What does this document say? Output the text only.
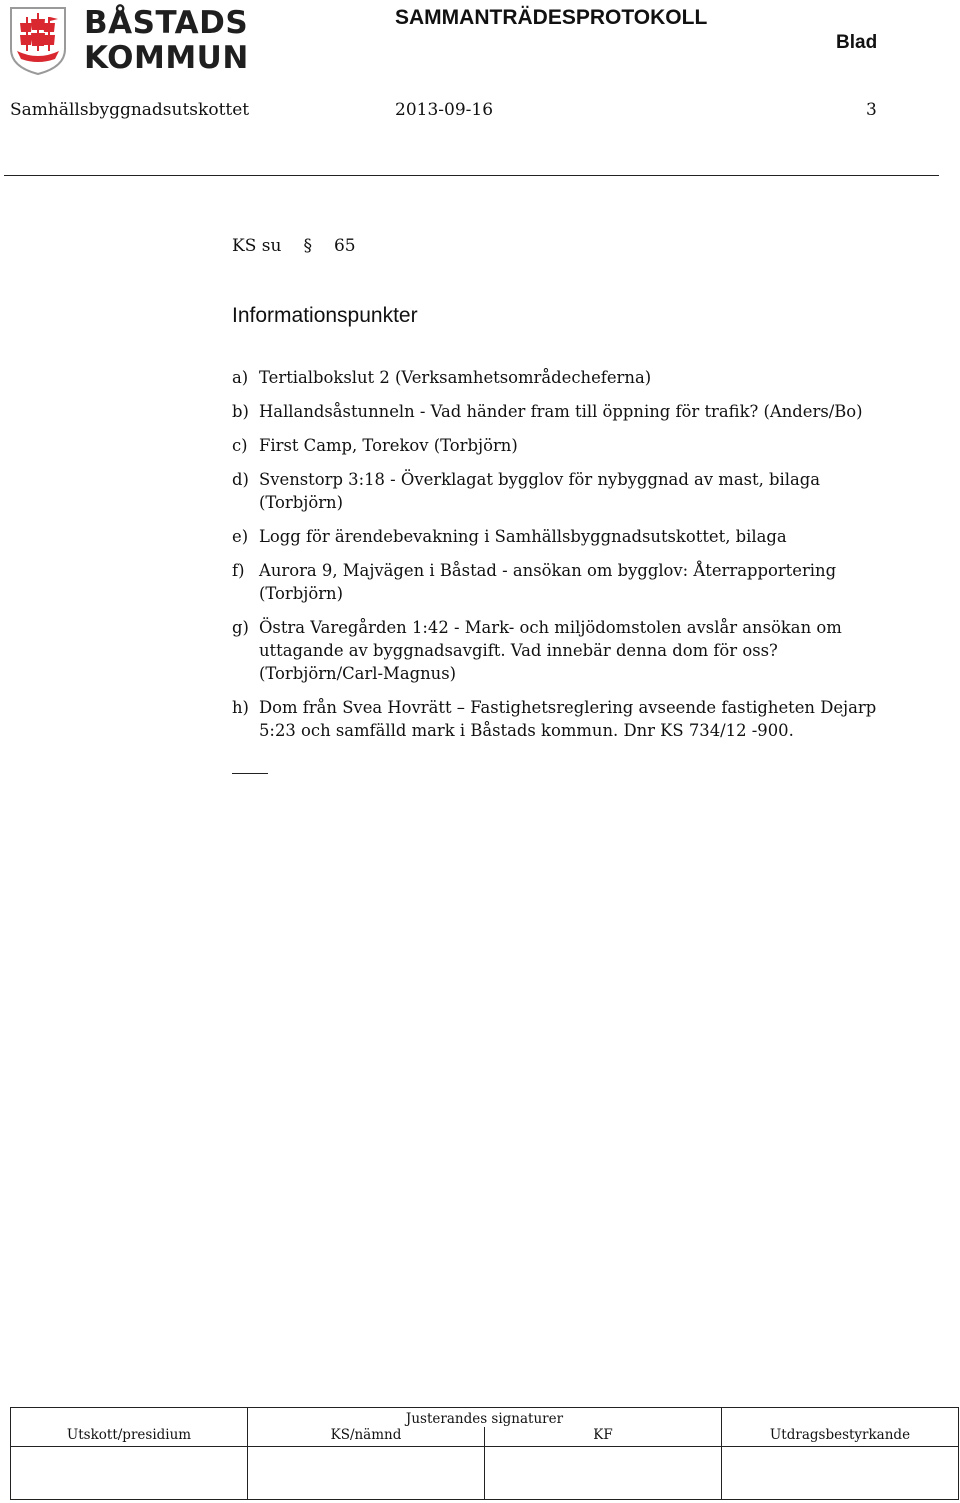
BÅSTADS
KOMMUN
SAMMANTRÄDESPROTOKOLL
Blad
Samhällsbyggnadsutskottet	2013-09-16	3
KS su § 65
Informationspunkter
a) Tertialbokslut 2 (Verksamhetsområdecheferna)
b) Hallandsåstunneln - Vad händer fram till öppning för trafik? (Anders/Bo)
c) First Camp, Torekov (Torbjörn)
d) Svenstorp 3:18 - Överklagat bygglov för nybyggnad av mast, bilaga (Torbjörn)
e) Logg för ärendebevakning i Samhällsbyggnadsutskottet, bilaga
f) Aurora 9, Majvägen i Båstad - ansökan om bygglov: Återrapportering (Torbjörn)
g) Östra Varegården 1:42 - Mark- och miljödomstolen avslår ansökan om uttagande av byggnadsavgift. Vad innebär denna dom för oss? (Torbjörn/Carl-Magnus)
h) Dom från Svea Hovrätt – Fastighetsreglering avseende fastigheten Dejarp 5:23 och samfälld mark i Båstads kommun. Dnr KS 734/12 -900.
	Justerandes signaturer		
Utskott/presidium	KS/nämnd	KF	Utdragsbestyrkande
